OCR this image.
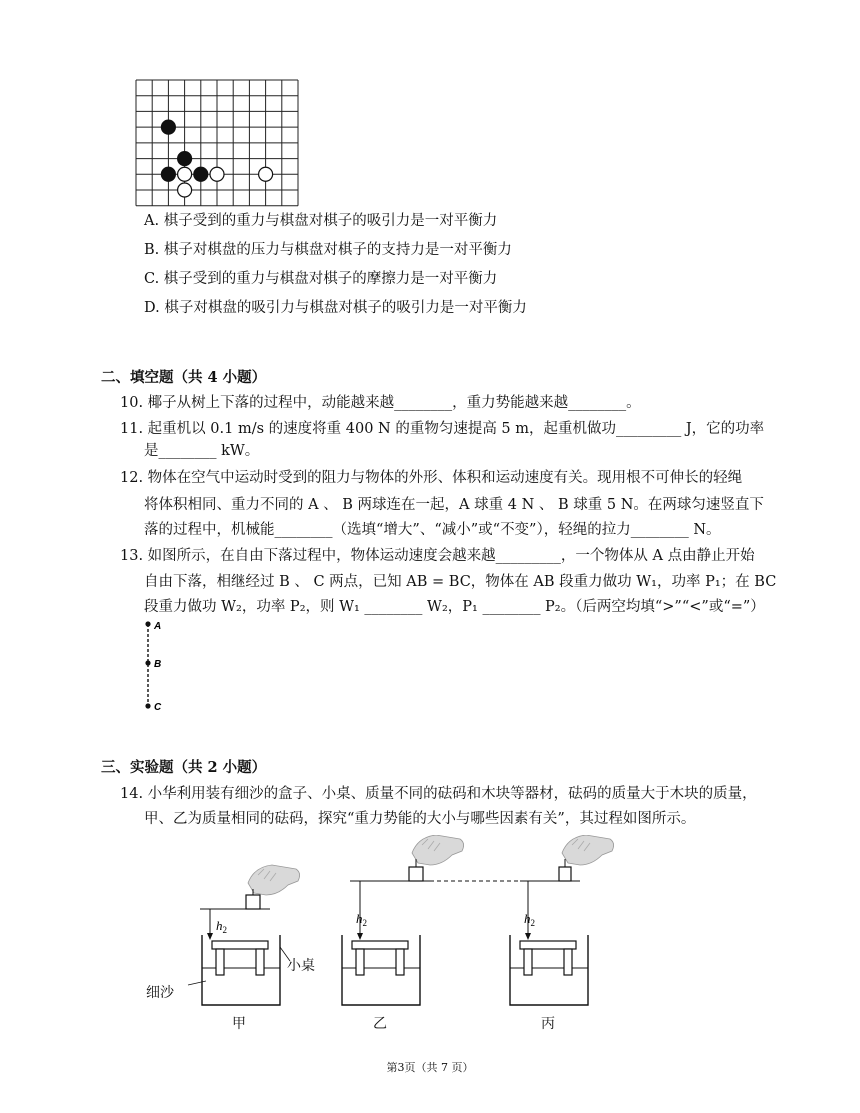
A. 棋子受到的重力与棋盘对棋子的吸引力是一对平衡力
B. 棋子对棋盘的压力与棋盘对棋子的支持力是一对平衡力
C. 棋子受到的重力与棋盘对棋子的摩擦力是一对平衡力
D. 棋子对棋盘的吸引力与棋盘对棋子的吸引力是一对平衡力
二、填空题（共 4 小题）
10. 椰子从树上下落的过程中，动能越来越________，重力势能越来越________。
11. 起重机以 0.1 m/s 的速度将重 400 N 的重物匀速提高 5 m，起重机做功_________ J，它的功率
是________ kW。
12. 物体在空气中运动时受到的阻力与物体的外形、体积和运动速度有关。现用根不可伸长的轻绳
将体积相同、重力不同的 A 、 B 两球连在一起，A 球重 4 N 、 B 球重 5 N。在两球匀速竖直下
落的过程中，机械能________（选填“增大”、“减小”或“不变”），轻绳的拉力________ N。
13. 如图所示，在自由下落过程中，物体运动速度会越来越_________，一个物体从 A 点由静止开始
自由下落，相继经过 B 、 C 两点，已知 AB = BC，物体在 AB 段重力做功 W₁，功率 P₁；在 BC
段重力做功 W₂，功率 P₂，则 W₁ ________ W₂，P₁ ________ P₂。（后两空均填“>”“<”或“=”）
A
B
C
三、实验题（共 2 小题）
14. 小华利用装有细沙的盒子、小桌、质量不同的砝码和木块等器材，砝码的质量大于木块的质量，
甲、乙为质量相同的砝码，探究“重力势能的大小与哪些因素有关”，其过程如图所示。
$h_2$
$h_2$	$h_2$
小桌
细沙
甲	乙	丙
第3页（共 7 页）
